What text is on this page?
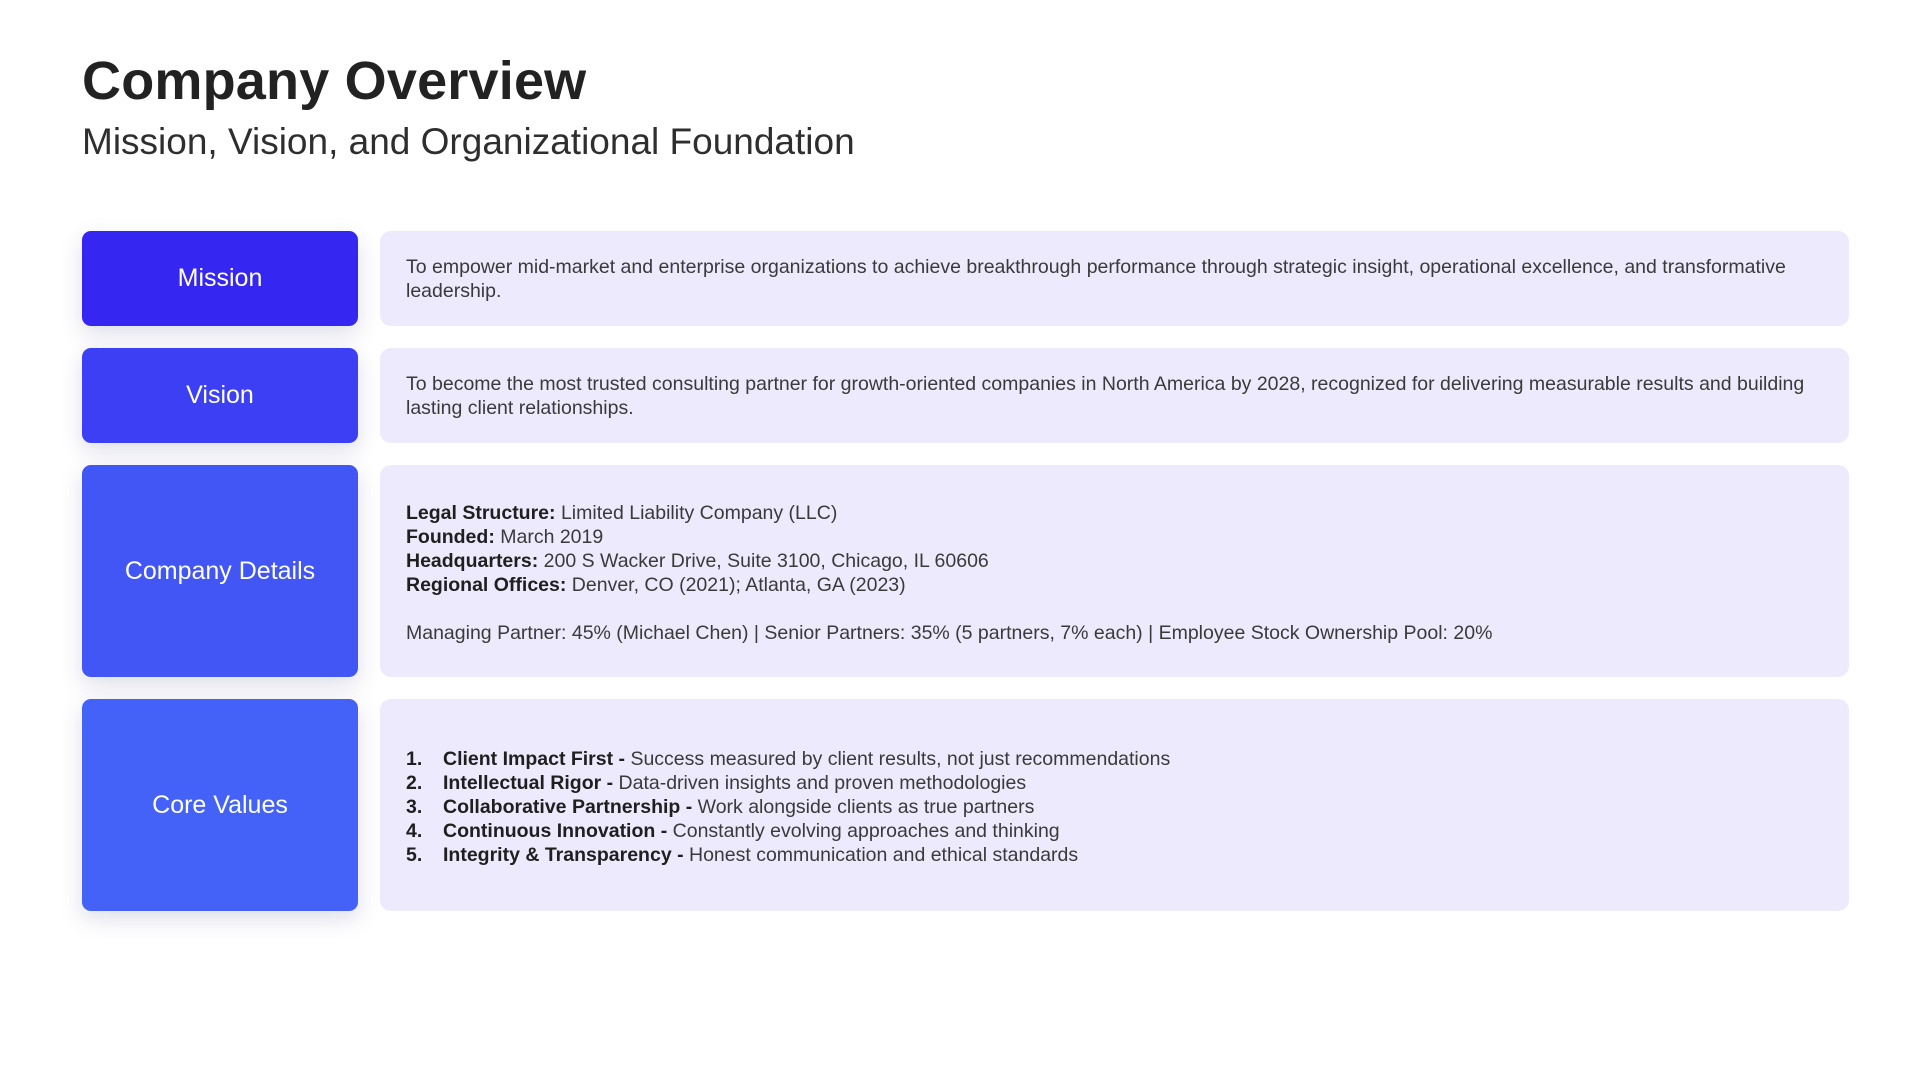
Company Overview
Mission, Vision, and Organizational Foundation
Mission	To empower mid-market and enterprise organizations to achieve breakthrough performance through strategic insight, operational excellence, and transformative leadership.
Vision	To become the most trusted consulting partner for growth-oriented companies in North America by 2028, recognized for delivering measurable results and building lasting client relationships.
Company Details
Legal Structure: Limited Liability Company (LLC)
Founded: March 2019
Headquarters: 200 S Wacker Drive, Suite 3100, Chicago, IL 60606
Regional Offices: Denver, CO (2021); Atlanta, GA (2023)
Managing Partner: 45% (Michael Chen) | Senior Partners: 35% (5 partners, 7% each) | Employee Stock Ownership Pool: 20%
Core Values
1.	Client Impact First - Success measured by client results, not just recommendations
2.	Intellectual Rigor - Data-driven insights and proven methodologies
3.	Collaborative Partnership - Work alongside clients as true partners
4.	Continuous Innovation - Constantly evolving approaches and thinking
5.	Integrity & Transparency - Honest communication and ethical standards
